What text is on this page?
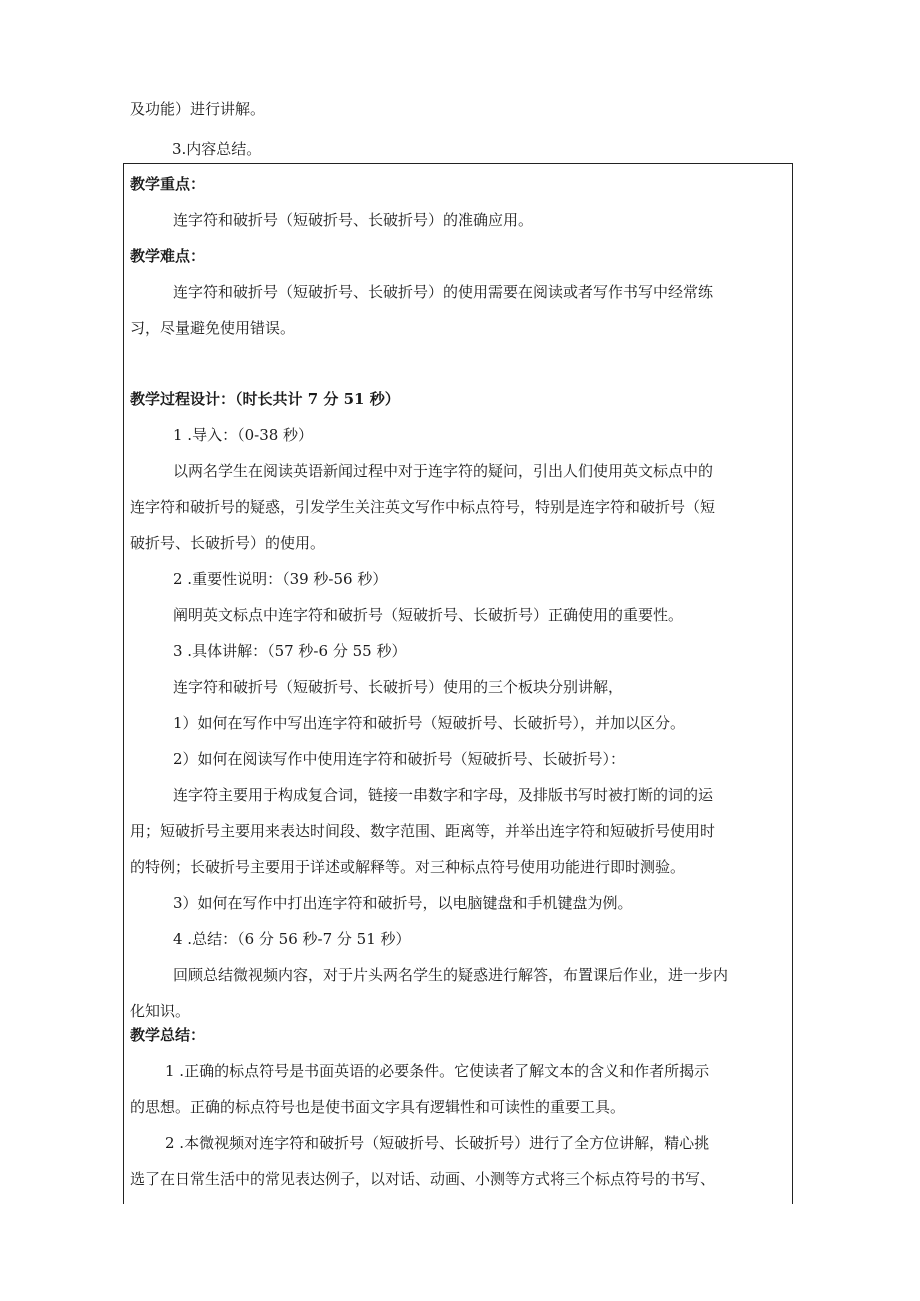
及功能）进行讲解。
3.内容总结。
教学重点：
连字符和破折号（短破折号、长破折号）的准确应用。
教学难点：
连字符和破折号（短破折号、长破折号）的使用需要在阅读或者写作书写中经常练
习，尽量避免使用错误。
教学过程设计：（时长共计 7 分 51 秒）
1 .导入：（0-38 秒）
以两名学生在阅读英语新闻过程中对于连字符的疑问，引出人们使用英文标点中的
连字符和破折号的疑惑，引发学生关注英文写作中标点符号，特别是连字符和破折号（短
破折号、长破折号）的使用。
2 .重要性说明：（39 秒-56 秒）
阐明英文标点中连字符和破折号（短破折号、长破折号）正确使用的重要性。
3 .具体讲解：（57 秒-6 分 55 秒）
连字符和破折号（短破折号、长破折号）使用的三个板块分别讲解，
1）如何在写作中写出连字符和破折号（短破折号、长破折号），并加以区分。
2）如何在阅读写作中使用连字符和破折号（短破折号、长破折号）：
连字符主要用于构成复合词，链接一串数字和字母，及排版书写时被打断的词的运
用；短破折号主要用来表达时间段、数字范围、距离等，并举出连字符和短破折号使用时
的特例；长破折号主要用于详述或解释等。对三种标点符号使用功能进行即时测验。
3）如何在写作中打出连字符和破折号，以电脑键盘和手机键盘为例。
4 .总结：（6 分 56 秒-7 分 51 秒）
回顾总结微视频内容，对于片头两名学生的疑惑进行解答，布置课后作业，进一步内
化知识。
教学总结：
1 .正确的标点符号是书面英语的必要条件。它使读者了解文本的含义和作者所揭示
的思想。正确的标点符号也是使书面文字具有逻辑性和可读性的重要工具。
2 .本微视频对连字符和破折号（短破折号、长破折号）进行了全方位讲解，精心挑
选了在日常生活中的常见表达例子，以对话、动画、小测等方式将三个标点符号的书写、
